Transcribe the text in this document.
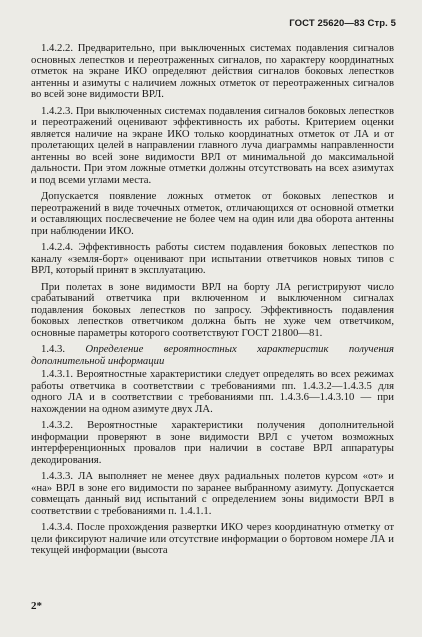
ГОСТ 25620—83 Стр. 5

1.4.2.2. Предварительно, при выключенных системах подавления сигналов основных лепестков и переотраженных сигналов, по характеру координатных отметок на экране ИКО определяют действия сигналов боковых лепестков антенны и азимуты с наличием ложных отметок от переотраженных сигналов во всей зоне видимости ВРЛ.

1.4.2.3. При выключенных системах подавления сигналов боковых лепестков и переотражений оценивают эффективность их работы. Критерием оценки является наличие на экране ИКО только координатных отметок от ЛА и от пролетающих целей в направлении главного луча диаграммы направленности антенны во всей зоне видимости ВРЛ от минимальной до максимальной дальности. При этом ложные отметки должны отсутствовать на всех азимутах и под всеми углами места.

Допускается появление ложных отметок от боковых лепестков и переотражений в виде точечных отметок, отличающихся от основной отметки и оставляющих послесвечение не более чем на один или два оборота антенны при наблюдении ИКО.

1.4.2.4. Эффективность работы систем подавления боковых лепестков по каналу «земля-борт» оценивают при испытании ответчиков новых типов с ВРЛ, который принят в эксплуатацию.

При полетах в зоне видимости ВРЛ на борту ЛА регистрируют число срабатываний ответчика при включенном и выключенном сигналах подавления боковых лепестков по запросу. Эффективность подавления боковых лепестков ответчиком должна быть не хуже чем ответчиком, основные параметры которого соответствуют ГОСТ 21800—81.

1.4.3. Определение вероятностных характеристик получения дополнительной информации

1.4.3.1. Вероятностные характеристики следует определять во всех режимах работы ответчика в соответствии с требованиями пп. 1.4.3.2—1.4.3.5 для одного ЛА и в соответствии с требованиями пп. 1.4.3.6—1.4.3.10 — при нахождении на одном азимуте двух ЛА.

1.4.3.2. Вероятностные характеристики получения дополнительной информации проверяют в зоне видимости ВРЛ с учетом возможных интерференционных провалов при наличии в составе ВРЛ аппаратуры декодирования.

1.4.3.3. ЛА выполняет не менее двух радиальных полетов курсом «от» и «на» ВРЛ в зоне его видимости по заранее выбранному азимуту. Допускается совмещать данный вид испытаний с определением зоны видимости ВРЛ в соответствии с требованиями п. 1.4.1.1.

1.4.3.4. После прохождения развертки ИКО через координатную отметку от цели фиксируют наличие или отсутствие информации о бортовом номере ЛА и текущей информации (высота

2*
